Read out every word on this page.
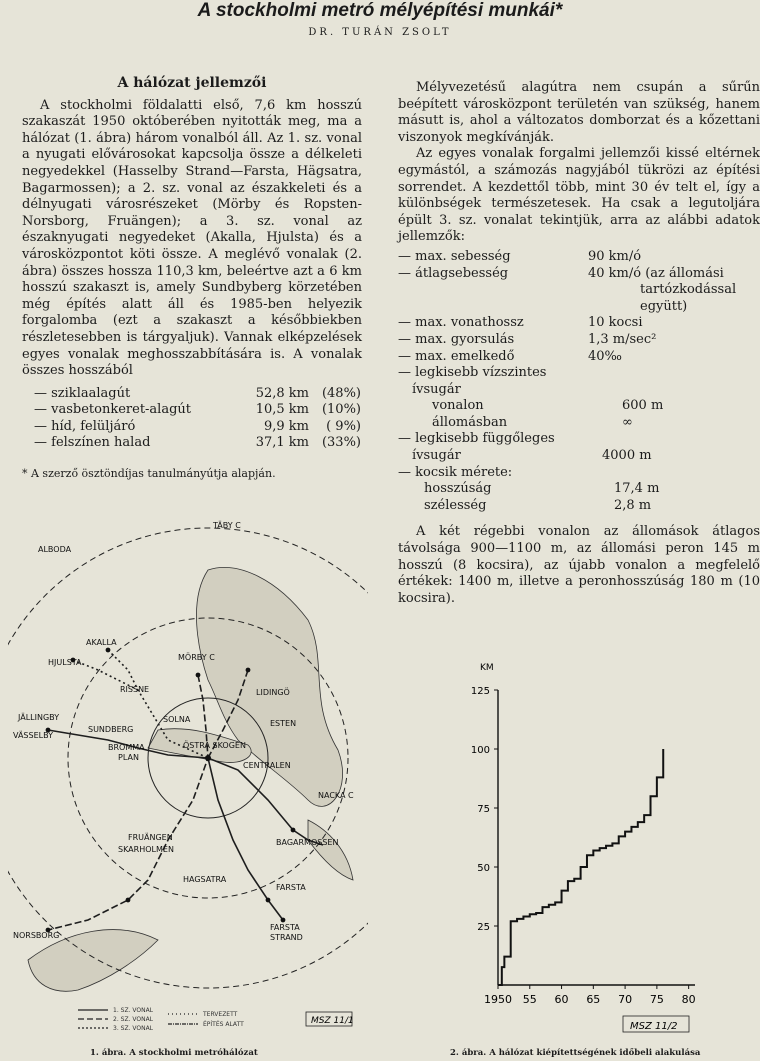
A stockholmi metró mélyépítési munkái*
DR. TURÁN ZSOLT
A hálózat jellemzői

A stockholmi földalatti első, 7,6 km hosszú szakaszát 1950 októberében nyitották meg, ma a hálózat (1. ábra) három vonalból áll. Az 1. sz. vonal a nyugati elővárosokat kapcsolja össze a délkeleti negyedekkel (Hasselby Strand—Farsta, Hägsatra, Bagarmossen); a 2. sz. vonal az északkeleti és a délnyugati városrészeket (Mörby és Ropsten-Norsborg, Fruängen); a 3. sz. vonal az északnyugati negyedeket (Akalla, Hjulsta) és a városközpontot köti össze. A meglévő vonalak (2. ábra) összes hossza 110,3 km, beleértve azt a 6 km hosszú szakaszt is, amely Sundbyberg körzetében még építés alatt áll és 1985-ben helyezik forgalomba (ezt a szakaszt a későbbiekben részletesebben is tárgyaljuk). Vannak elképzelések egyes vonalak meghosszabbítására is. A vonalak összes hosszából

— sziklaalagút	52,8 km (48%)
— vasbetonkeret-alagút	10,5 km (10%)
— híd, felüljáró	9,9 km	( 9%)
— felszínen halad	37,1 km (33%)

* A szerző ösztöndíjas tanulmányútja alapján.

Mélyvezetésű alagútra nem csupán a sűrűn beépített városközpont területén van szükség, hanem másutt is, ahol a változatos domborzat és a kőzettani viszonyok megkívánják.

Az egyes vonalak forgalmi jellemzői kissé eltérnek egymástól, a számozás nagyjából tükrözi az építési sorrendet. A kezdettől több, mint 30 év telt el, így a különbségek természetesek. Ha csak a legutoljára épült 3. sz. vonalat tekintjük, arra az alábbi adatok jellemzők:

— max. sebesség	90 km/ó
— átlagsebesség	40 km/ó (az állomási
tartózkodással
együtt)
— max. vonathossz	10 kocsi
— max. gyorsulás	1,3 m/sec²
— max. emelkedő	40‰
— legkisebb vízszintes
ívsugár
vonalon	600 m
állomásban	∞
— legkisebb függőleges
ívsugár	4000 m
— kocsik mérete:
hosszúság	17,4 m
szélesség	2,8 m

A két régebbi vonalon az állomások átlagos távolsága 900—1100 m, az állomási peron 145 m hosszú (8 kocsira), az újabb vonalon a megfelelő értékek: 1400 m, illetve a peronhosszúság 180 m (10 kocsira).

ALBODA
TÄBY C
AKALLA
HJULSTA
MÖRBY C
RISSNE	LIDINGÖ
JÄLLINGBY
VÄSSELBY
SUNDBERG
SOLNA
ÖSTRA SKOGEN
ESTEN
BROMMA
PLAN
CENTRALEN
NACKA C
FRUÄNGEN
SKARHOLMEN
BAGARMOSSEN
HAGSATRA
FARSTA
NORSBORG
FARSTA
STRAND
1. SZ. VONAL
2. SZ. VONAL
3. SZ. VONAL
TERVEZETT
ÉPÍTÉS ALATT	MSZ 11/1
KM
25
50
75
100
125
1950 55 60 65 70 75 80
MSZ 11/2
1. ábra. A stockholmi metróhálózat	2. ábra. A hálózat kiépítettségének időbeli alakulása
